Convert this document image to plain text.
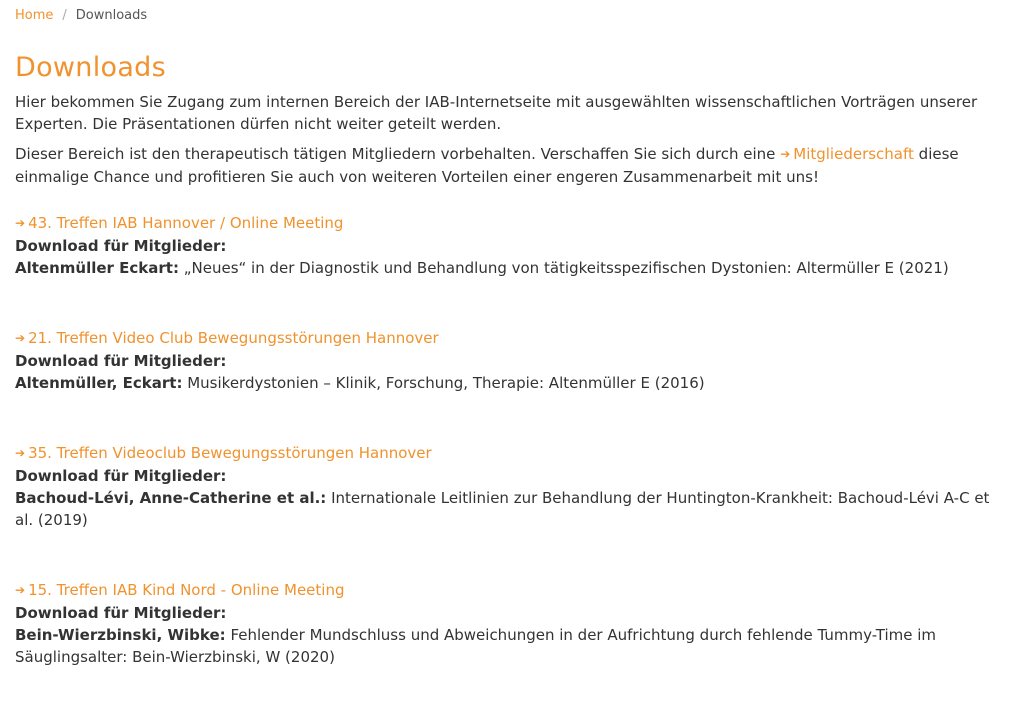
Home / Downloads
Downloads

Hier bekommen Sie Zugang zum internen Bereich der IAB-Internetseite mit ausgewählten wissenschaftlichen Vorträgen unserer Experten. Die Präsentationen dürfen nicht weiter geteilt werden.

Dieser Bereich ist den therapeutisch tätigen Mitgliedern vorbehalten. Verschaffen Sie sich durch eine ➔ Mitgliederschaft diese einmalige Chance und profitieren Sie auch von weiteren Vorteilen einer engeren Zusammenarbeit mit uns!

➔ 43. Treffen IAB Hannover / Online Meeting
Download für Mitglieder:
Altenmüller Eckart: „Neues“ in der Diagnostik und Behandlung von tätigkeitsspezifischen Dystonien: Altermüller E (2021)
➔ 21. Treffen Video Club Bewegungsstörungen Hannover
Download für Mitglieder:
Altenmüller, Eckart: Musikerdystonien – Klinik, Forschung, Therapie: Altenmüller E (2016)
➔ 35. Treffen Videoclub Bewegungsstörungen Hannover
Download für Mitglieder:
Bachoud-Lévi, Anne-Catherine et al.: Internationale Leitlinien zur Behandlung der Huntington-Krankheit: Bachoud-Lévi A-C et al. (2019)
➔ 15. Treffen IAB Kind Nord - Online Meeting
Download für Mitglieder:
Bein-Wierzbinski, Wibke: Fehlender Mundschluss und Abweichungen in der Aufrichtung durch fehlende Tummy-Time im Säuglingsalter: Bein-Wierzbinski, W (2020)
